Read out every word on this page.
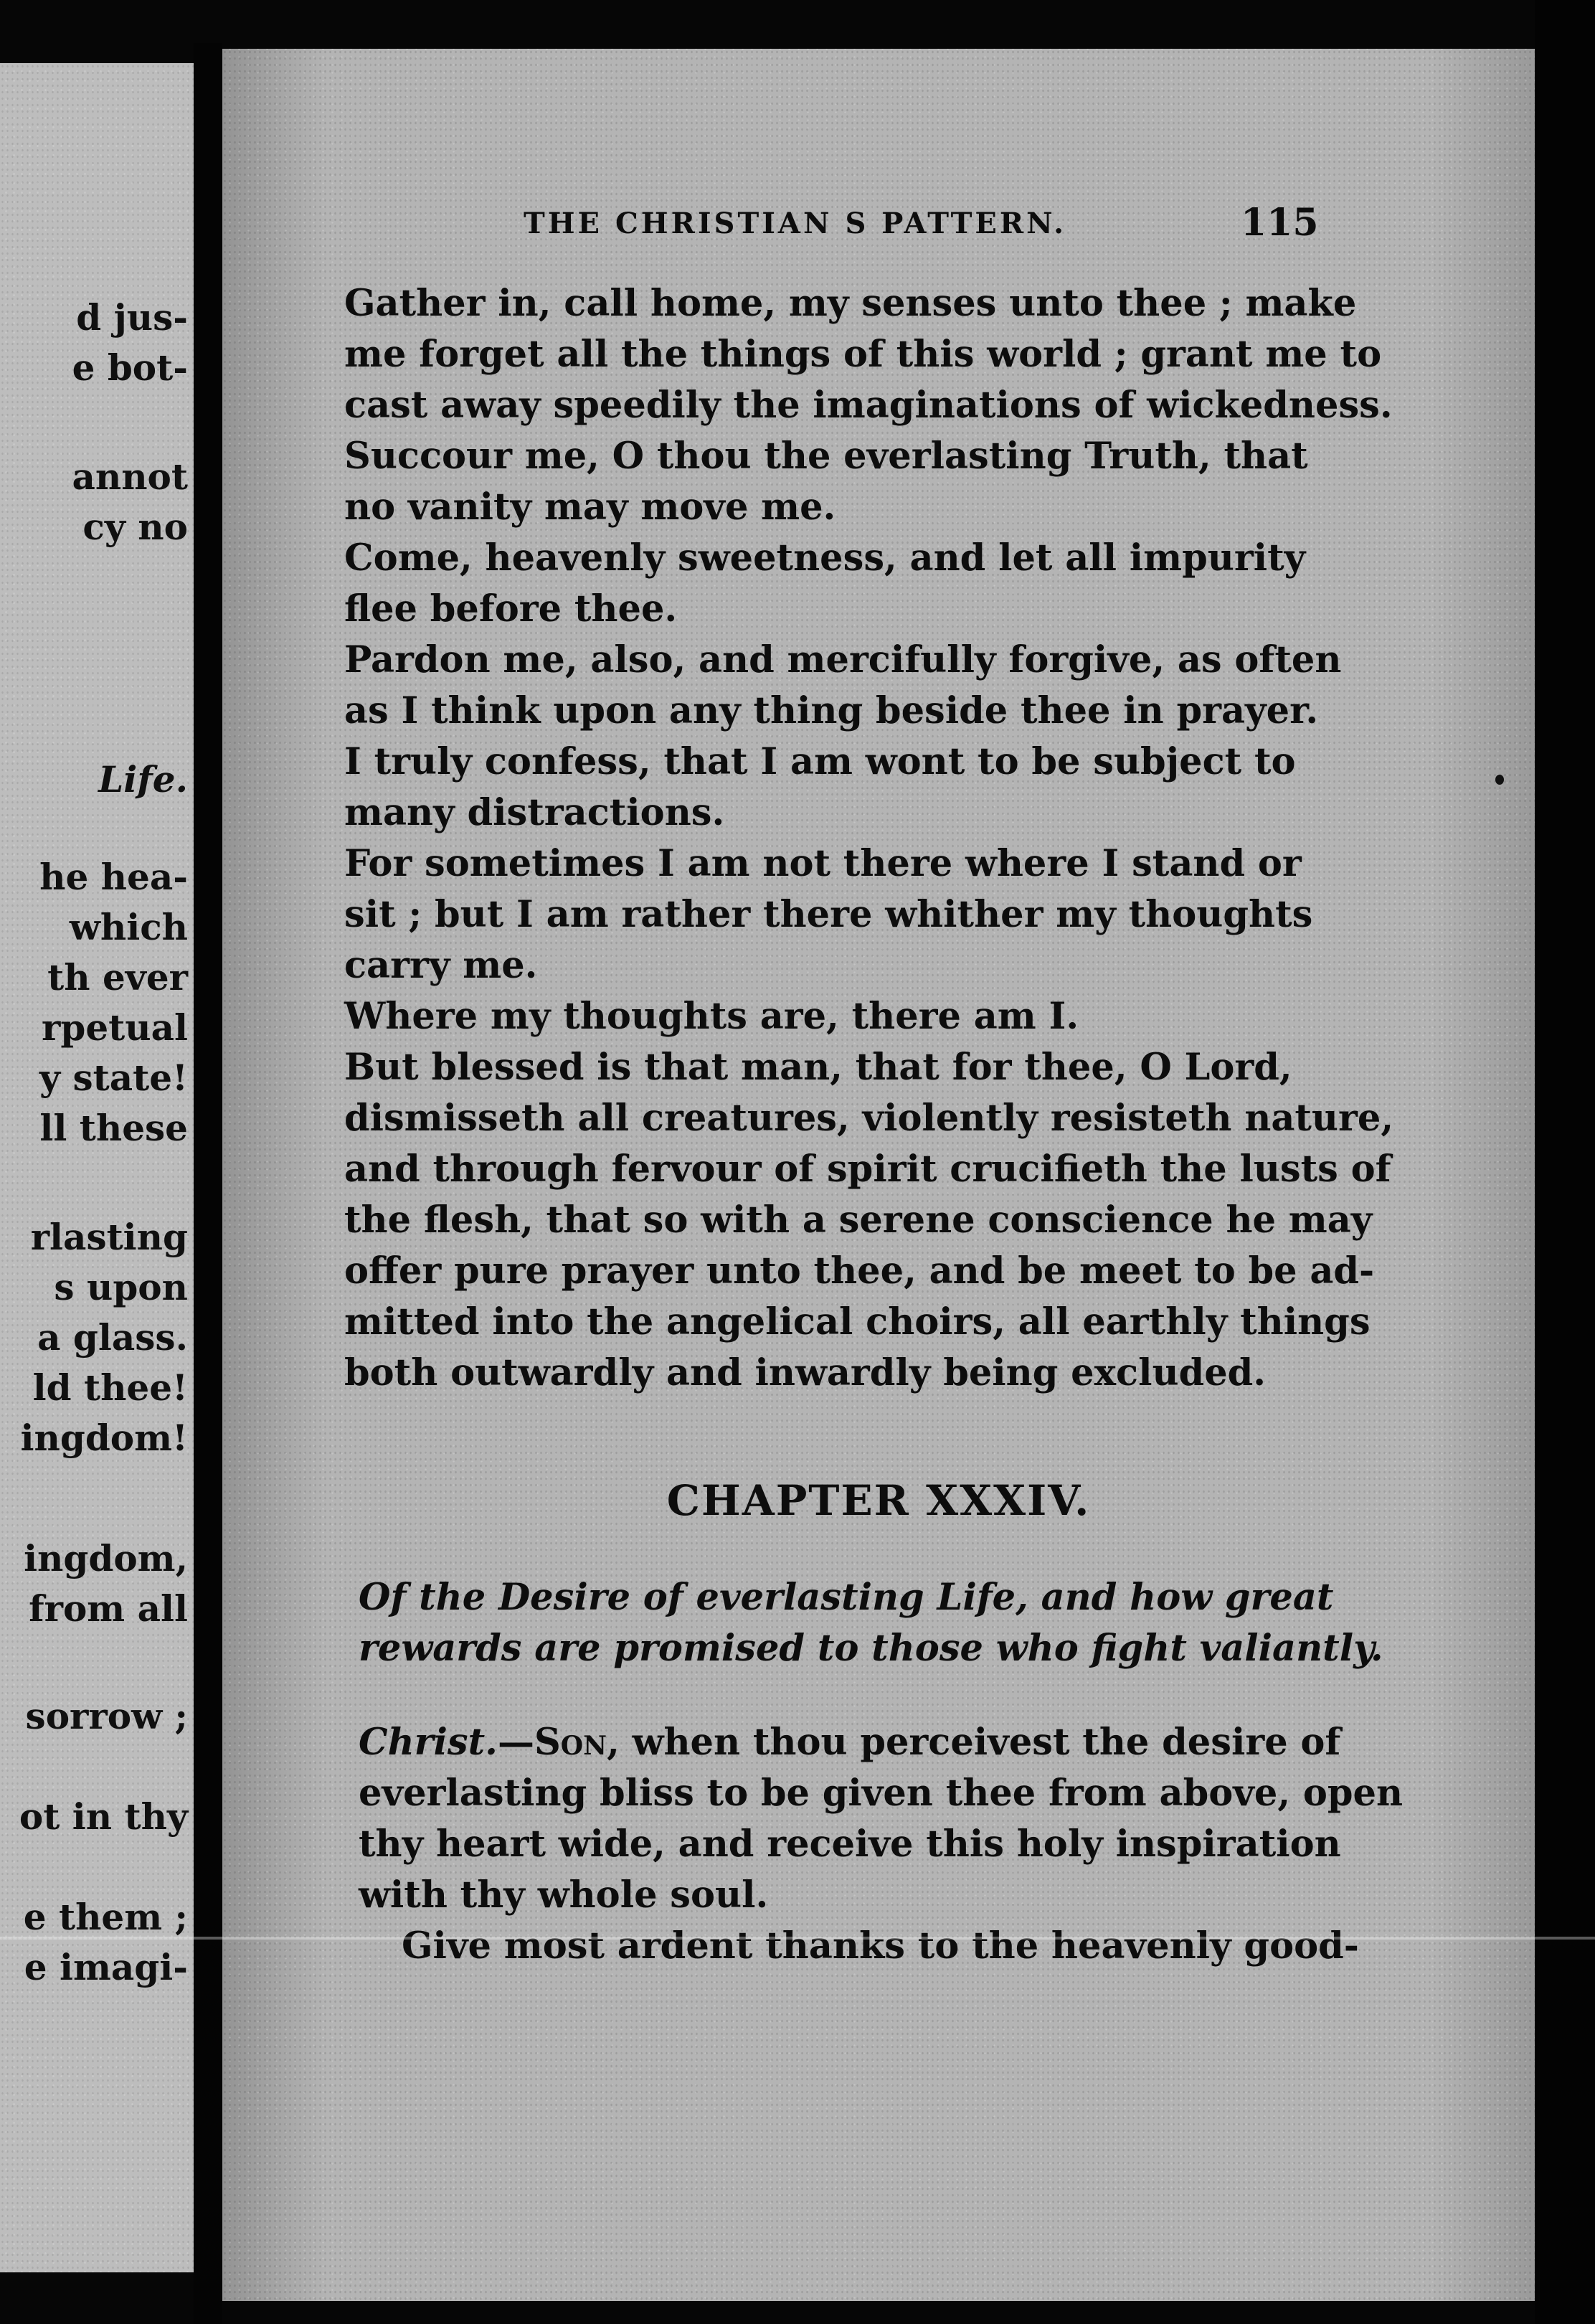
d jus-

e bot-

annot

cy no

Life.

he hea-

which

th ever

rpetual

y state!

ll these

rlasting

s upon

a glass.

ld thee!

ingdom!

ingdom,

from all

sorrow ;

ot in thy

e them ;

e imagi-

THE CHRISTIAN S PATTERN.	115

Gather in, call home, my senses unto thee ; make
me forget all the things of this world ; grant me to
cast away speedily the imaginations of wickedness.
Succour me, O thou the everlasting Truth, that
no vanity may move me.
Come, heavenly sweetness, and let all impurity
flee before thee.
Pardon me, also, and mercifully forgive, as often
as I think upon any thing beside thee in prayer.
I truly confess, that I am wont to be subject to
many distractions.
For sometimes I am not there where I stand or
sit ; but I am rather there whither my thoughts
carry me.
Where my thoughts are, there am I.
But blessed is that man, that for thee, O Lord,
dismisseth all creatures, violently resisteth nature,
and through fervour of spirit crucifieth the lusts of
the flesh, that so with a serene conscience he may
offer pure prayer unto thee, and be meet to be ad-
mitted into the angelical choirs, all earthly things
both outwardly and inwardly being excluded.

CHAPTER XXXIV.

Of the Desire of everlasting Life, and how great
rewards are promised to those who fight valiantly.
Christ.—Son, when thou perceivest the desire of
everlasting bliss to be given thee from above, open
thy heart wide, and receive this holy inspiration
with thy whole soul.
Give most ardent thanks to the heavenly good-
